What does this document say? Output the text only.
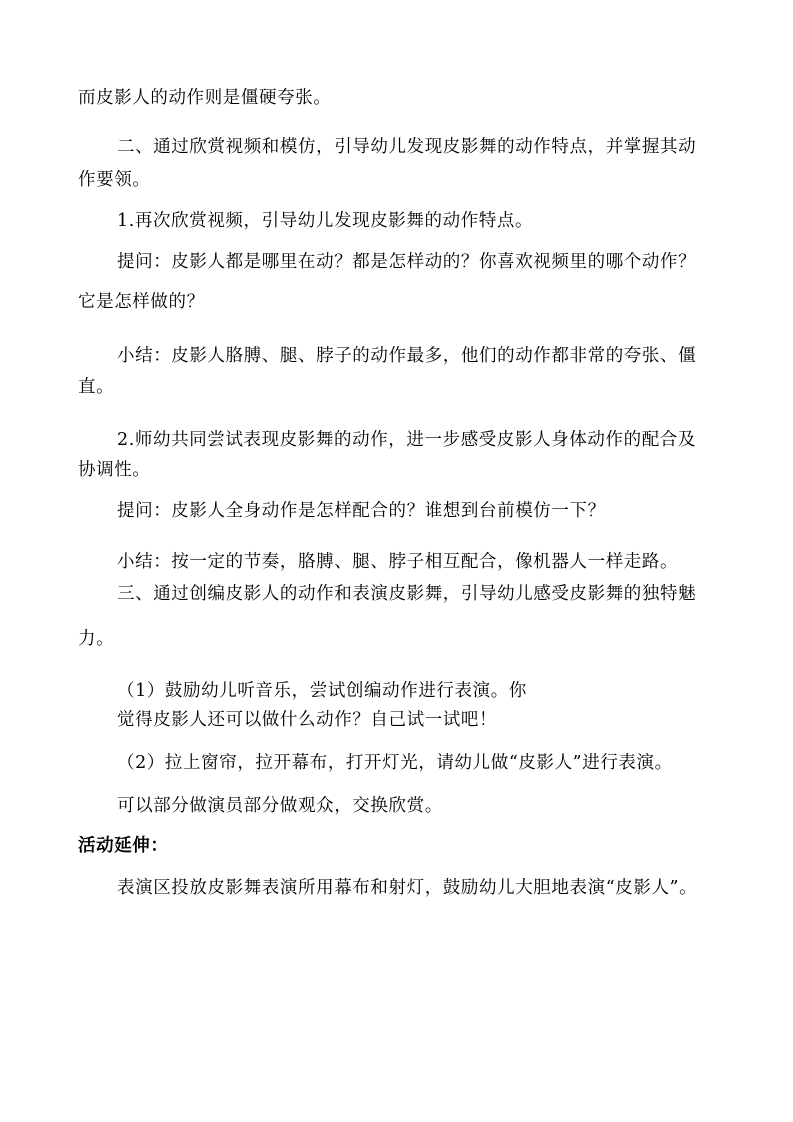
而皮影人的动作则是僵硬夸张。
二、通过欣赏视频和模仿，引导幼儿发现皮影舞的动作特点，并掌握其动
作要领。
1.再次欣赏视频，引导幼儿发现皮影舞的动作特点。
提问：皮影人都是哪里在动？都是怎样动的？你喜欢视频里的哪个动作？
它是怎样做的？
小结：皮影人胳膊、腿、脖子的动作最多，他们的动作都非常的夸张、僵
直。
2.师幼共同尝试表现皮影舞的动作，进一步感受皮影人身体动作的配合及
协调性。
提问：皮影人全身动作是怎样配合的？谁想到台前模仿一下？
小结：按一定的节奏，胳膊、腿、脖子相互配合，像机器人一样走路。
三、通过创编皮影人的动作和表演皮影舞，引导幼儿感受皮影舞的独特魅
力。
（1）鼓励幼儿听音乐，尝试创编动作进行表演。你
觉得皮影人还可以做什么动作？自己试一试吧！
（2）拉上窗帘，拉开幕布，打开灯光，请幼儿做“皮影人”进行表演。
可以部分做演员部分做观众，交换欣赏。
活动延伸：
表演区投放皮影舞表演所用幕布和射灯，鼓励幼儿大胆地表演“皮影人”。
